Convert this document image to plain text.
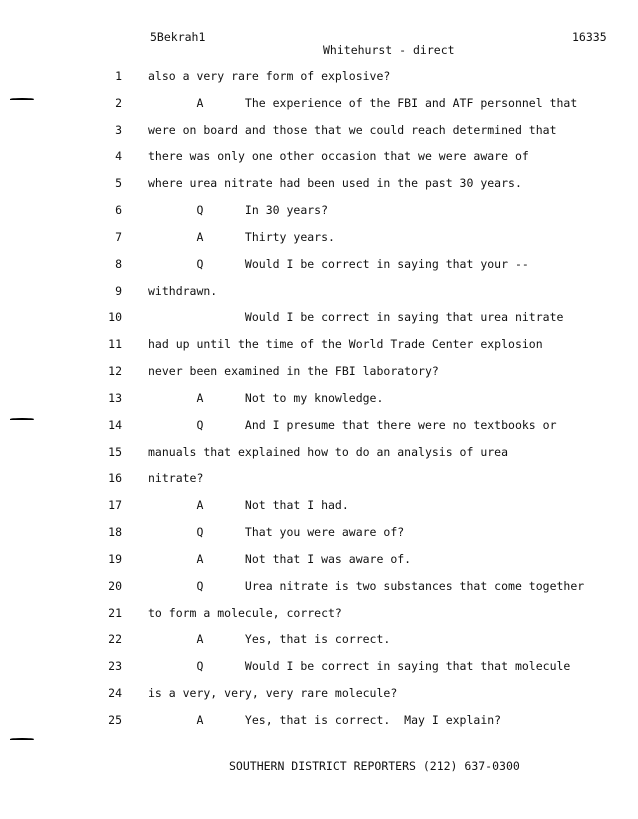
5Bekrah1	16335
Whitehurst - direct
1 also a very rare form of explosive?
2 A      The experience of the FBI and ATF personnel that
3 were on board and those that we could reach determined that
4 there was only one other occasion that we were aware of
5 where urea nitrate had been used in the past 30 years.
6 Q      In 30 years?
7 A      Thirty years.
8 Q      Would I be correct in saying that your --
9 withdrawn.
10 Would I be correct in saying that urea nitrate
11 had up until the time of the World Trade Center explosion
12 never been examined in the FBI laboratory?
13 A      Not to my knowledge.
14 Q      And I presume that there were no textbooks or
15 manuals that explained how to do an analysis of urea
16 nitrate?
17 A      Not that I had.
18 Q      That you were aware of?
19 A      Not that I was aware of.
20 Q      Urea nitrate is two substances that come together
21 to form a molecule, correct?
22 A      Yes, that is correct.
23 Q      Would I be correct in saying that that molecule
24 is a very, very, very rare molecule?
25 A      Yes, that is correct.  May I explain?
SOUTHERN DISTRICT REPORTERS (212) 637-0300
